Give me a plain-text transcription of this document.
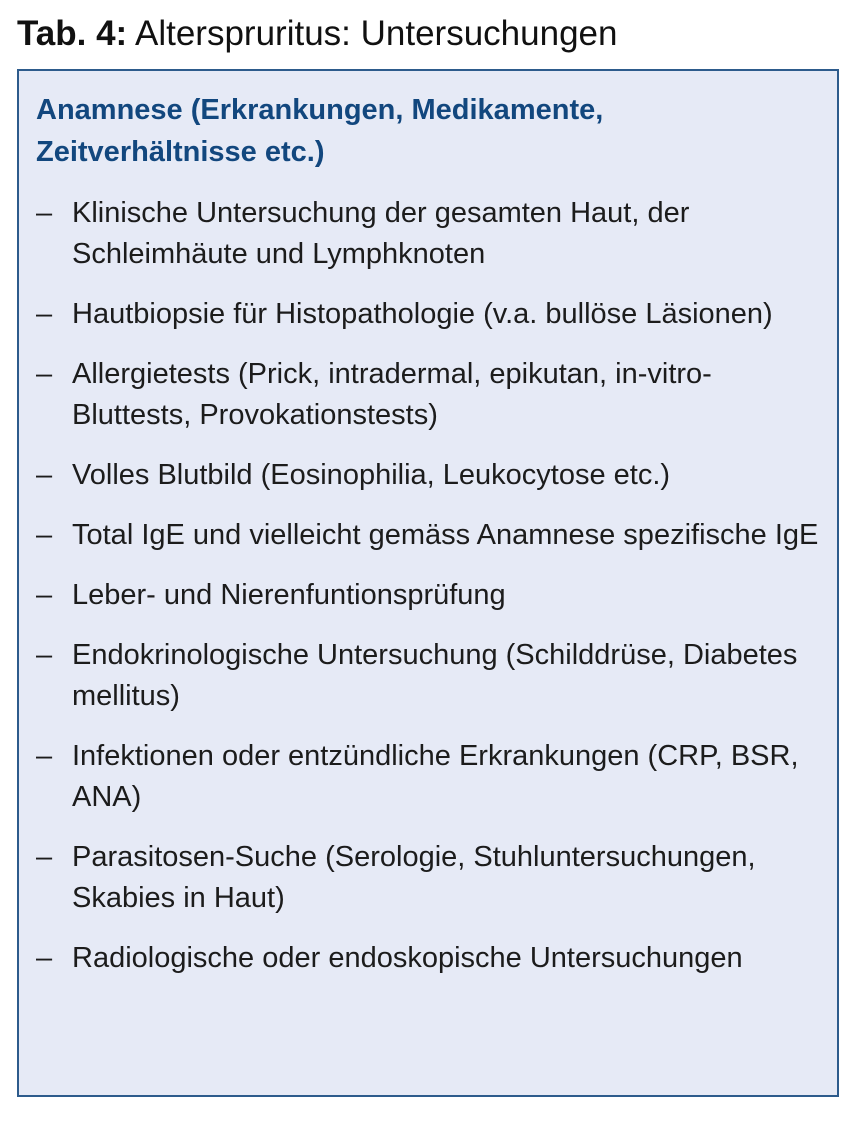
Tab. 4: Alterspruritus: Untersuchungen
Anamnese (Erkrankungen, Medikamente, Zeitverhältnisse etc.)
– Klinische Untersuchung der gesamten Haut, der Schleimhäute und Lymphknoten
– Hautbiopsie für Histopathologie (v.a. bullöse Läsionen)
– Allergietests (Prick, intradermal, epikutan, in-vitro-Bluttests, Provokationstests)
– Volles Blutbild (Eosinophilia, Leukocytose etc.)
– Total IgE und vielleicht gemäss Anamnese spezifische IgE
– Leber- und Nierenfuntionsprüfung
– Endokrinologische Untersuchung (Schilddrüse, Diabetes mellitus)
– Infektionen oder entzündliche Erkrankungen (CRP, BSR, ANA)
– Parasitosen-Suche (Serologie, Stuhluntersuchungen, Skabies in Haut)
– Radiologische oder endoskopische Untersuchungen
